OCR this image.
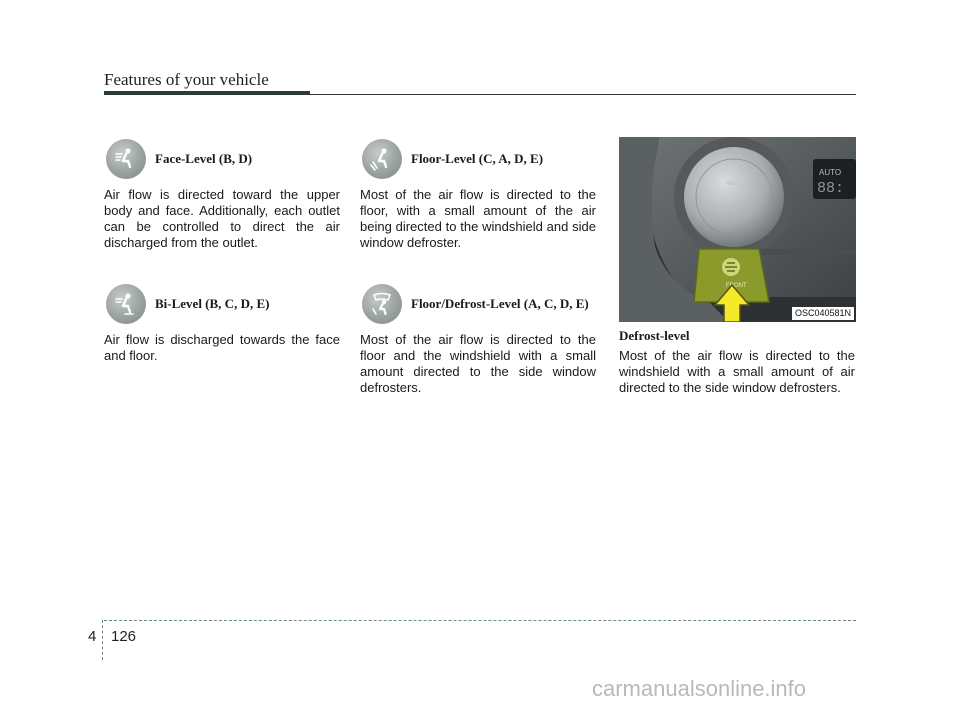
Features of your vehicle
Face-Level (B, D)

Air flow is directed toward the upper body and face. Additionally, each outlet can be controlled to direct the air discharged from the outlet.

Bi-Level (B, C, D, E)

Air flow is discharged towards the face and floor.

Floor-Level (C, A, D, E)

Most of the air flow is directed to the floor, with a small amount of the air being directed to the windshield and side window defroster.

Floor/Defrost-Level (A, C, D, E)

Most of the air flow is directed to the floor and the windshield with a small amount directed to the side window defrosters.

AUTO
88:
FRONT
OSC040581N
Defrost-level

Most of the air flow is directed to the windshield with a small amount of air directed to the side window defrosters.

4 126
carmanualsonline.info
